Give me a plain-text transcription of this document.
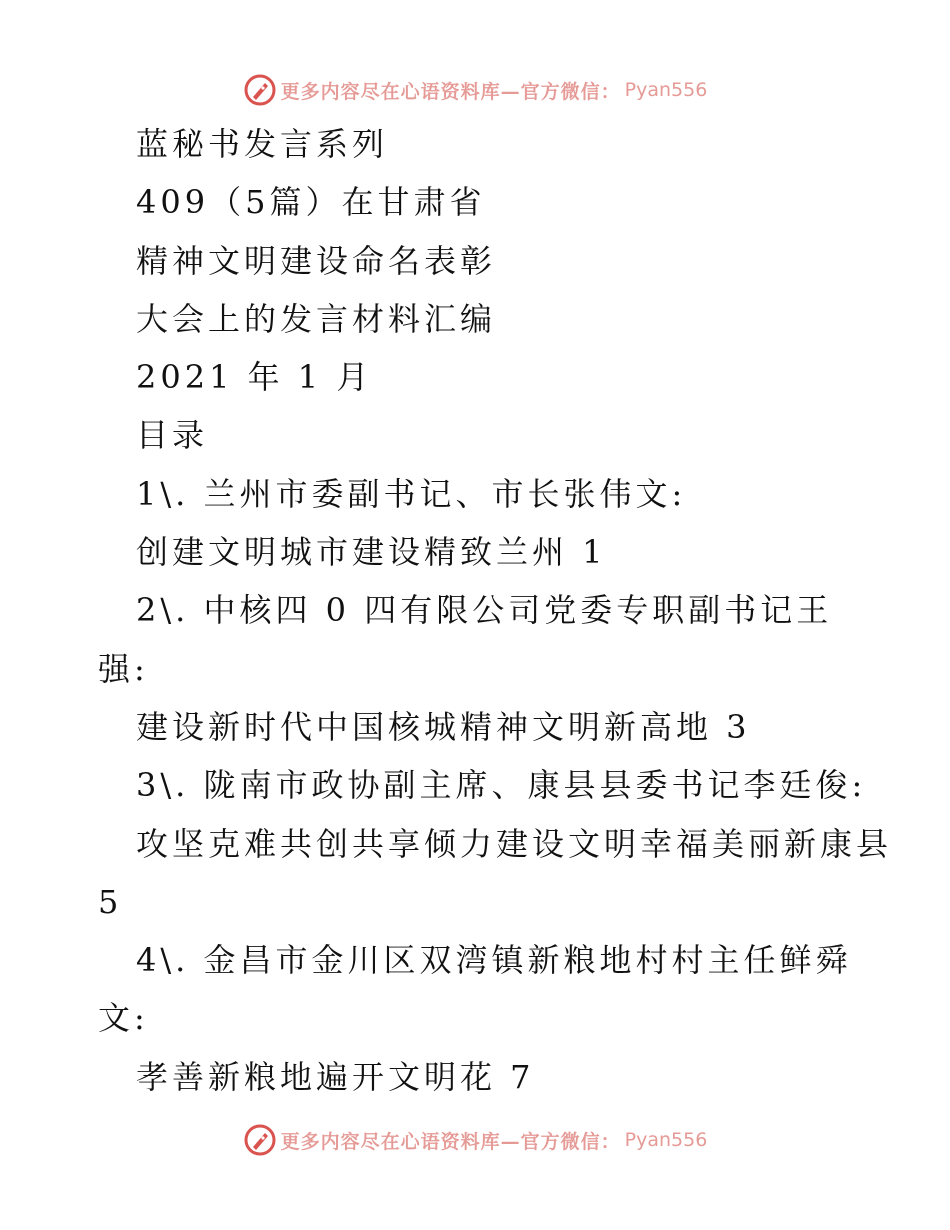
更多内容尽在心语资料库—官方微信： Pyan556
蓝秘书发言系列
409（5篇）在甘肃省
精神文明建设命名表彰
大会上的发言材料汇编
2021 年 1 月
目录
1\. 兰州市委副书记、市长张伟文:
创建文明城市建设精致兰州 1
2\. 中核四 0 四有限公司党委专职副书记王
强:
建设新时代中国核城精神文明新高地 3
3\. 陇南市政协副主席、康县县委书记李廷俊:
攻坚克难共创共享倾力建设文明幸福美丽新康县
5
4\. 金昌市金川区双湾镇新粮地村村主任鲜舜
文:
孝善新粮地遍开文明花 7
更多内容尽在心语资料库—官方微信： Pyan556
